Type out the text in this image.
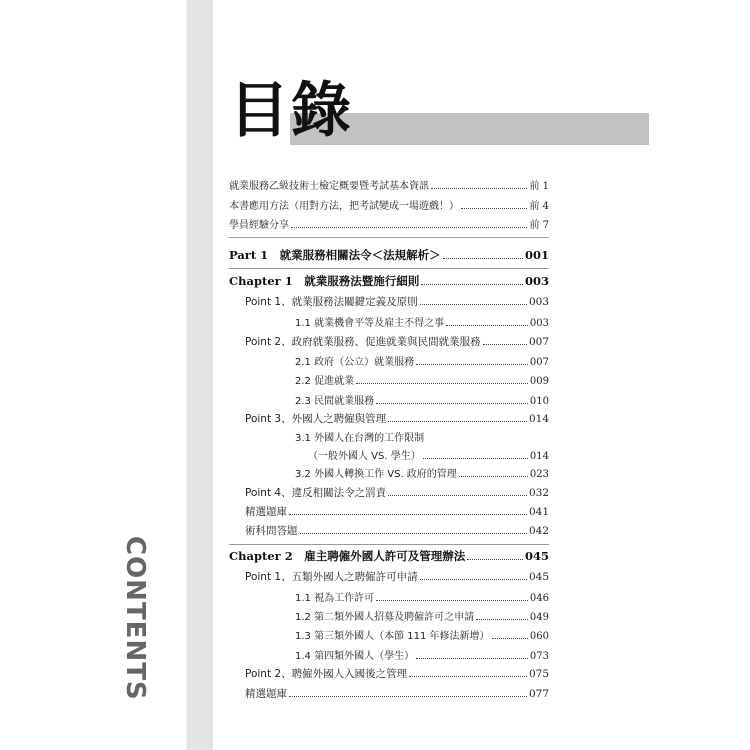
CONTENTS
目錄
就業服務乙級技術士檢定概要暨考試基本資訊	前 1
本書應用方法（用對方法，把考試變成一場遊戲！）	前 4
學員經驗分享	前 7
Part 1　就業服務相關法令＜法規解析＞	001
Chapter 1　就業服務法暨施行細則	003
Point 1、就業服務法關鍵定義及原則	003
1.1 就業機會平等及雇主不得之事	003
Point 2、政府就業服務、促進就業與民間就業服務	007
2.1 政府（公立）就業服務	007
2.2 促進就業	009
2.3 民間就業服務	010
Point 3、外國人之聘僱與管理	014
3.1 外國人在台灣的工作限制
（一般外國人 VS. 學生）	014
3.2 外國人轉換工作 VS. 政府的管理	023
Point 4、違反相關法令之罰責	032
精選題庫	041
術科問答題	042
Chapter 2　雇主聘僱外國人許可及管理辦法	045
Point 1、五類外國人之聘僱許可申請	045
1.1 視為工作許可	046
1.2 第二類外國人招募及聘僱許可之申請	049
1.3 第三類外國人（本節 111 年修法新增）	060
1.4 第四類外國人（學生）	073
Point 2、聘僱外國人入國後之管理	075
精選題庫	077
